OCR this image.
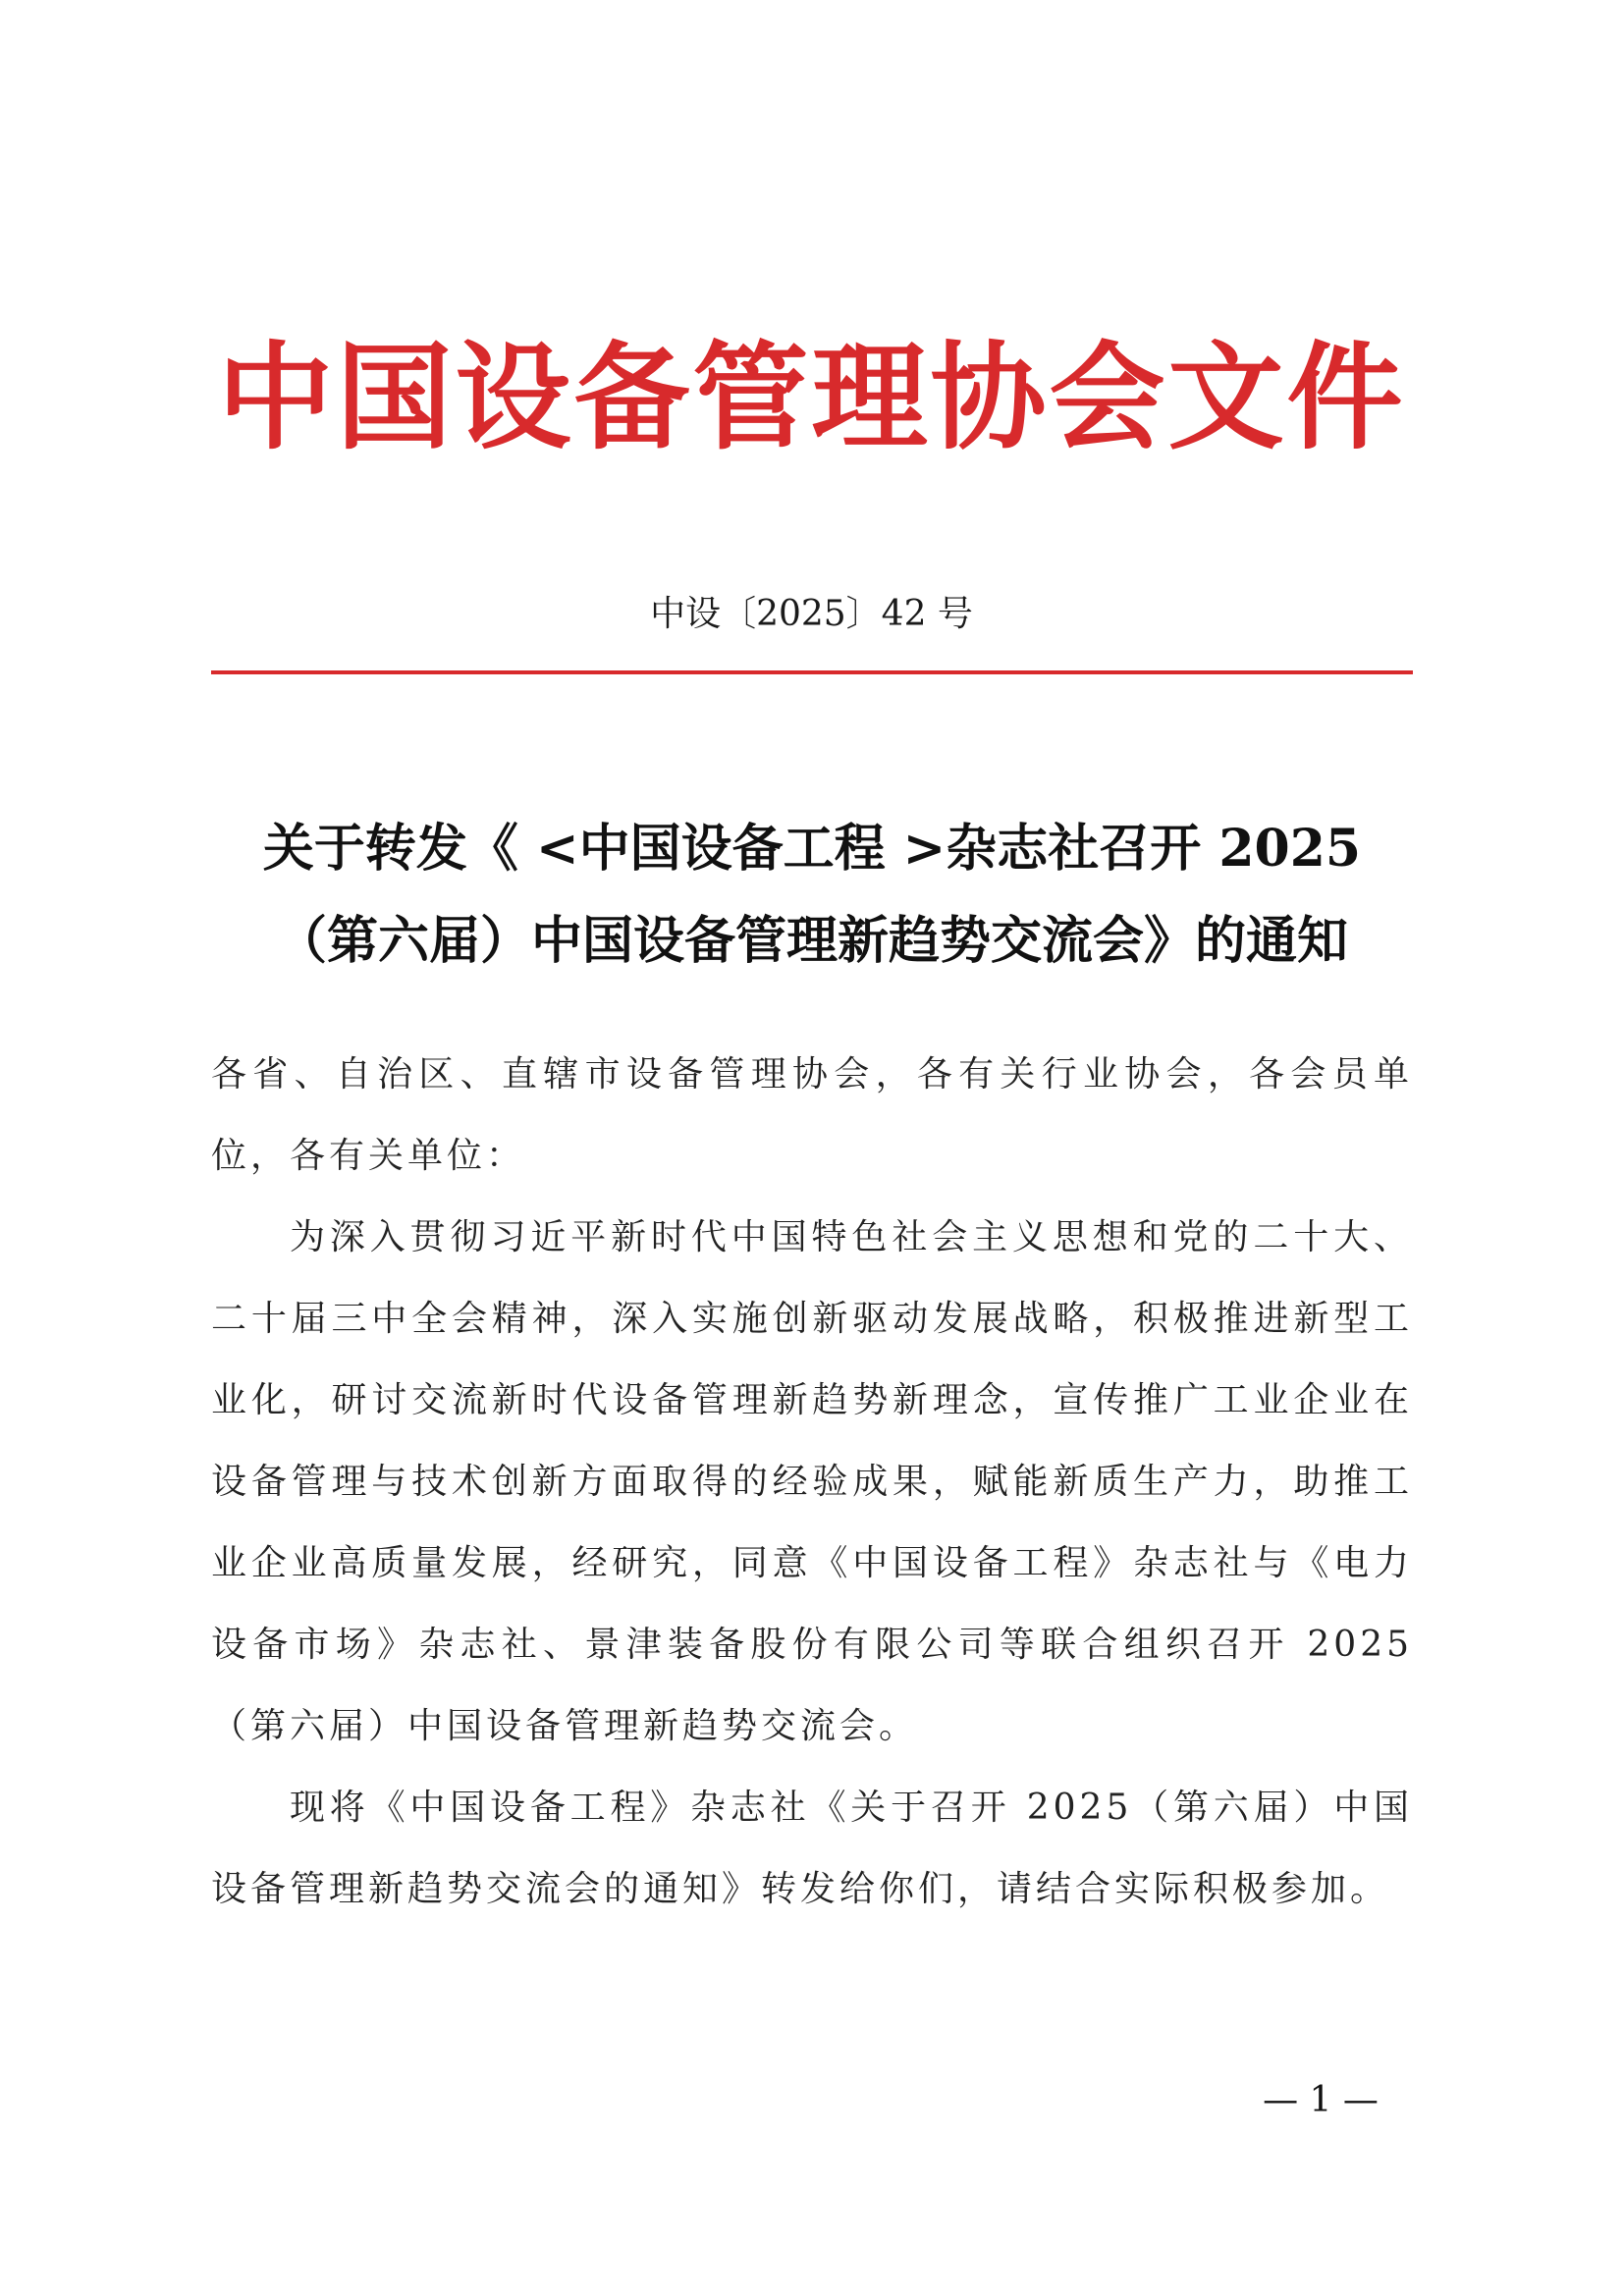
中国设备管理协会文件
中设〔2025〕42 号
关于转发《 <中国设备工程 >杂志社召开 2025
（第六届）中国设备管理新趋势交流会》的通知

各省、自治区、直辖市设备管理协会，各有关行业协会，各会员单位，各有关单位：

为深入贯彻习近平新时代中国特色社会主义思想和党的二十大、二十届三中全会精神，深入实施创新驱动发展战略，积极推进新型工业化，研讨交流新时代设备管理新趋势新理念，宣传推广工业企业在设备管理与技术创新方面取得的经验成果，赋能新质生产力，助推工业企业高质量发展，经研究，同意《中国设备工程》杂志社与《电力设备市场》杂志社、景津装备股份有限公司等联合组织召开 2025（第六届）中国设备管理新趋势交流会。

现将《中国设备工程》杂志社《关于召开 2025（第六届）中国设备管理新趋势交流会的通知》转发给你们，请结合实际积极参加。

— 1 —
